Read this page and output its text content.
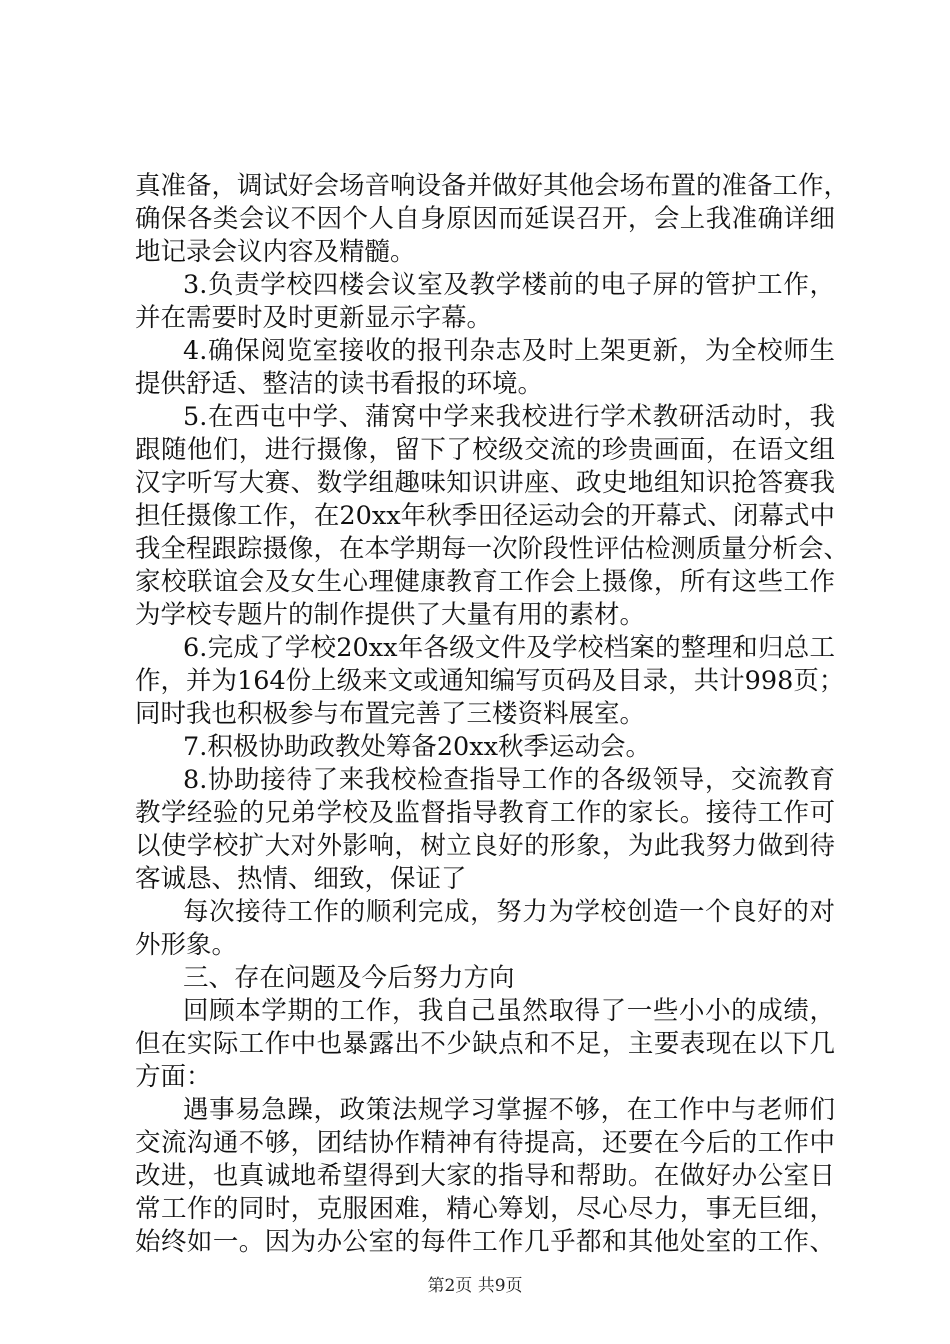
真准备，调试好会场音响设备并做好其他会场布置的准备工作，
确保各类会议不因个人自身原因而延误召开，会上我准确详细
地记录会议内容及精髓。
3.负责学校四楼会议室及教学楼前的电子屏的管护工作，
并在需要时及时更新显示字幕。
4.确保阅览室接收的报刊杂志及时上架更新，为全校师生
提供舒适、整洁的读书看报的环境。
5.在西屯中学、蒲窝中学来我校进行学术教研活动时，我
跟随他们，进行摄像，留下了校级交流的珍贵画面，在语文组
汉字听写大赛、数学组趣味知识讲座、政史地组知识抢答赛我
担任摄像工作，在20xx年秋季田径运动会的开幕式、闭幕式中
我全程跟踪摄像，在本学期每一次阶段性评估检测质量分析会、
家校联谊会及女生心理健康教育工作会上摄像，所有这些工作
为学校专题片的制作提供了大量有用的素材。
6.完成了学校20xx年各级文件及学校档案的整理和归总工
作，并为164份上级来文或通知编写页码及目录，共计998页；
同时我也积极参与布置完善了三楼资料展室。
7.积极协助政教处筹备20xx秋季运动会。
8.协助接待了来我校检查指导工作的各级领导，交流教育
教学经验的兄弟学校及监督指导教育工作的家长。接待工作可
以使学校扩大对外影响，树立良好的形象，为此我努力做到待
客诚恳、热情、细致，保证了
每次接待工作的顺利完成，努力为学校创造一个良好的对
外形象。
三、存在问题及今后努力方向
回顾本学期的工作，我自己虽然取得了一些小小的成绩，
但在实际工作中也暴露出不少缺点和不足，主要表现在以下几
方面：
遇事易急躁，政策法规学习掌握不够，在工作中与老师们
交流沟通不够，团结协作精神有待提高，还要在今后的工作中
改进，也真诚地希望得到大家的指导和帮助。在做好办公室日
常工作的同时，克服困难，精心筹划，尽心尽力，事无巨细，
始终如一。因为办公室的每件工作几乎都和其他处室的工作、
第2页 共9页
